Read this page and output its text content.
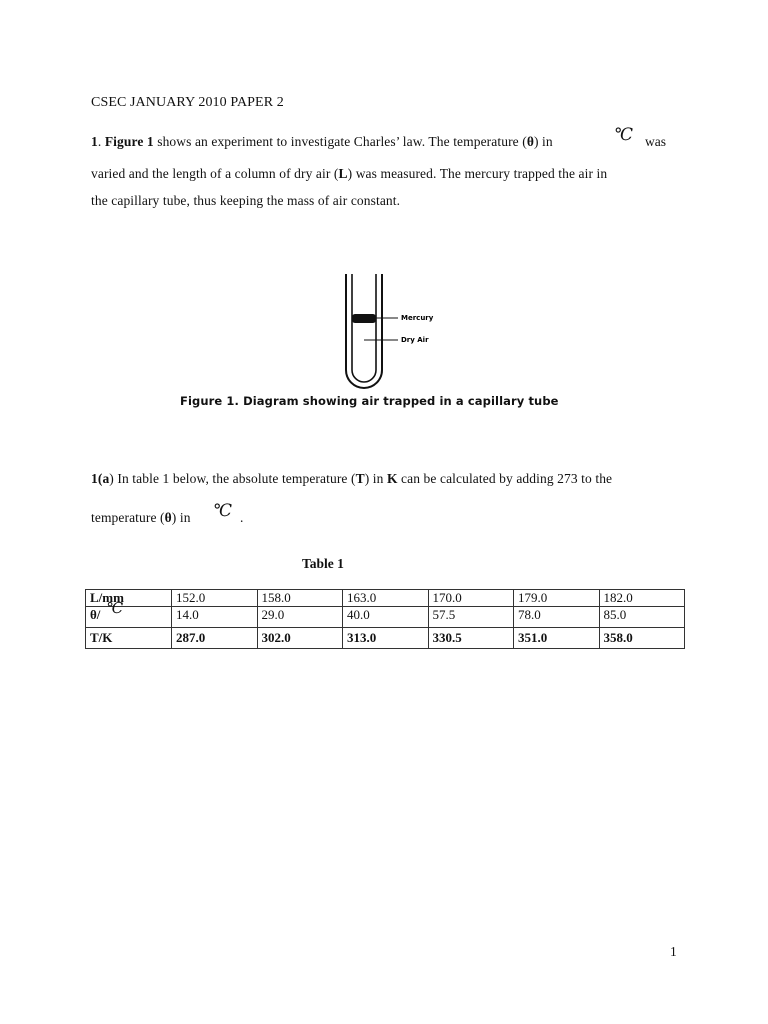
CSEC JANUARY 2010 PAPER 2
1. Figure 1 shows an experiment to investigate Charles’ law. The temperature (θ) in	℃ was
varied and the length of a column of dry air (L) was measured. The mercury trapped the air in
the capillary tube, thus keeping the mass of air constant.
Mercury
Dry Air
Figure 1. Diagram showing air trapped in a capillary tube
1(a) In table 1 below, the absolute temperature (T) in K can be calculated by adding 273 to the
temperature (θ) in ℃ .
Table 1
L/mm	152.0	158.0	163.0	170.0	179.0	182.0
θ/ ℃	14.0	29.0	40.0	57.5	78.0	85.0
T/K	287.0	302.0	313.0	330.5	351.0	358.0
1
